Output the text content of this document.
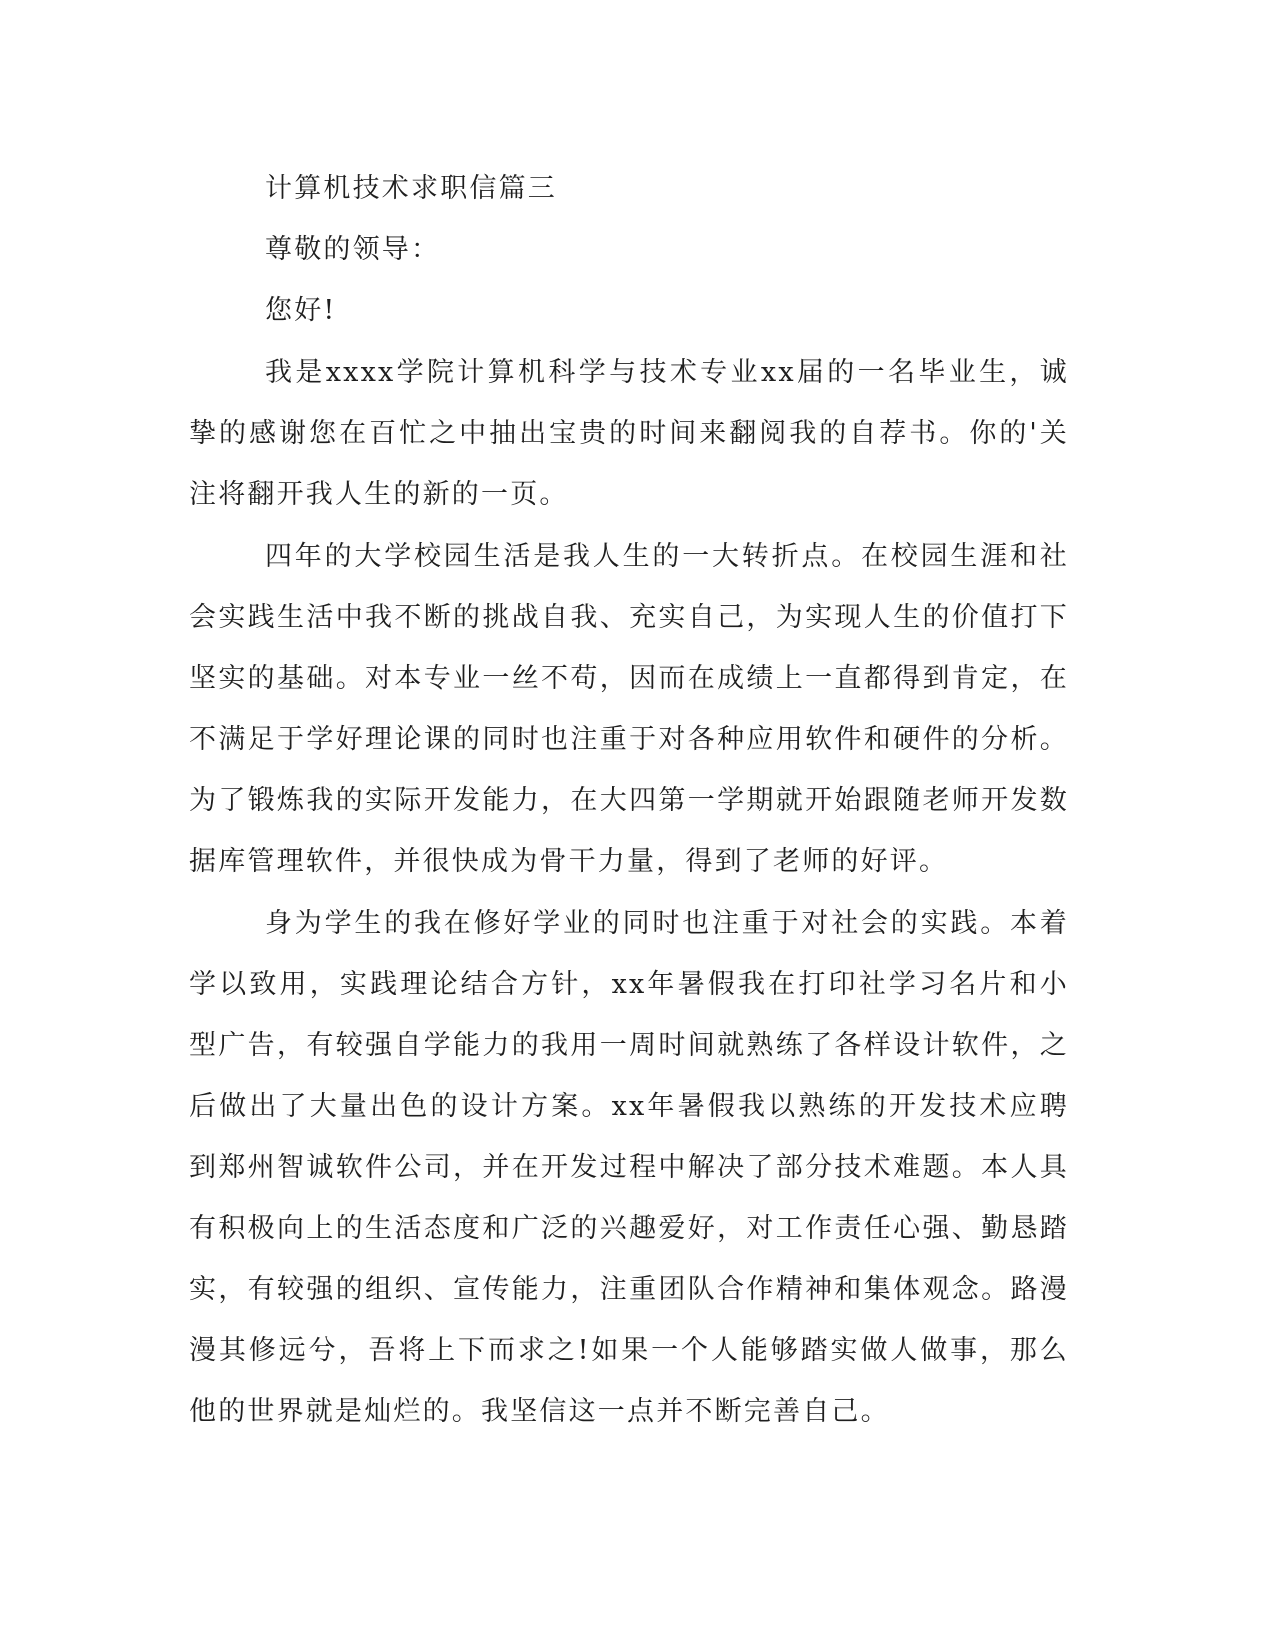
计算机技术求职信篇三

尊敬的领导：

您好!

我是xxxx学院计算机科学与技术专业xx届的一名毕业生，诚挚的感谢您在百忙之中抽出宝贵的时间来翻阅我的自荐书。你的'关注将翻开我人生的新的一页。

四年的大学校园生活是我人生的一大转折点。在校园生涯和社会实践生活中我不断的挑战自我、充实自己，为实现人生的价值打下坚实的基础。对本专业一丝不苟，因而在成绩上一直都得到肯定，在不满足于学好理论课的同时也注重于对各种应用软件和硬件的分析。为了锻炼我的实际开发能力，在大四第一学期就开始跟随老师开发数据库管理软件，并很快成为骨干力量，得到了老师的好评。

身为学生的我在修好学业的同时也注重于对社会的实践。本着学以致用，实践理论结合方针，xx年暑假我在打印社学习名片和小型广告，有较强自学能力的我用一周时间就熟练了各样设计软件，之后做出了大量出色的设计方案。xx年暑假我以熟练的开发技术应聘到郑州智诚软件公司，并在开发过程中解决了部分技术难题。本人具有积极向上的生活态度和广泛的兴趣爱好，对工作责任心强、勤恳踏实，有较强的组织、宣传能力，注重团队合作精神和集体观念。路漫漫其修远兮，吾将上下而求之!如果一个人能够踏实做人做事，那么他的世界就是灿烂的。我坚信这一点并不断完善自己。
